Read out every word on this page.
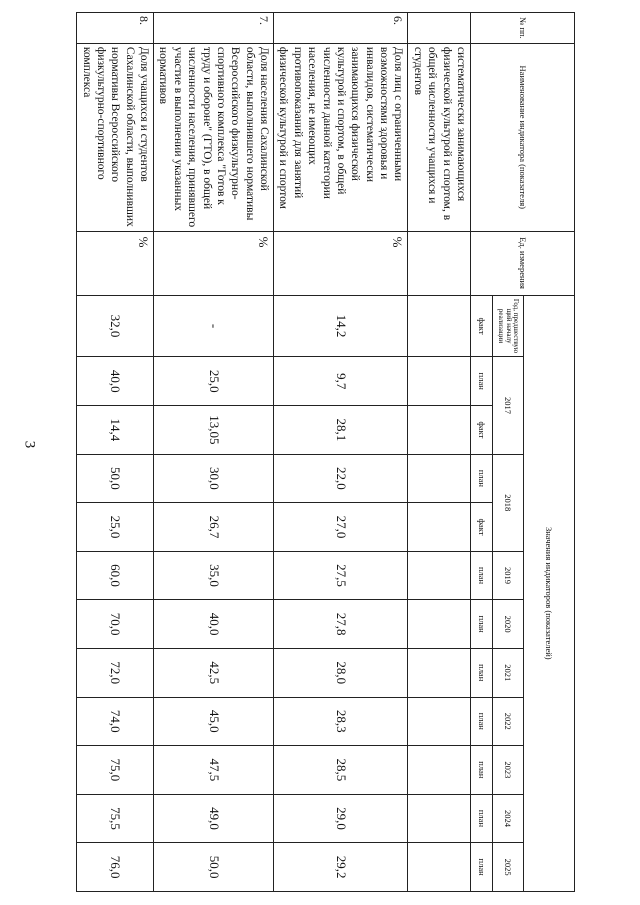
3
№ пп.	Наименование индикатора (показателя)	Ед. измерения	Значения индикаторов (показателей)											
			Год, предшествую щий началу реализации	2017		2018		2019	2020	2021	2022	2023	2024	2025
			факт	план	факт	план	факт	план	план	план	план	план	план	план
	систематически занимающихся физической культурой и спортом, в общей численности учащихся и студентов													
6.	Доля лиц с ограниченными возможностями здоровья и инвалидов, систематически занимающихся физической культурой и спортом, в общей численности данной категории населения, не имеющих противопоказаний для занятий физической культурой и спортом	%	14,2	9,7	28,1	22,0	27,0	27,5	27,8	28,0	28,3	28,5	29,0	29,2
7.	Доля населения Сахалинской области, выполнившего нормативы Всероссийского физкультурно-спортивного комплекса "Готов к труду и обороне" (ГТО), в общей численности населения, принявшего участие в выполнении указанных нормативов	%	-	25,0	13,05	30,0	26,7	35,0	40,0	42,5	45,0	47,5	49,0	50,0
8.	Доля учащихся и студентов Сахалинской области, выполнивших нормативы Всероссийского физкультурно-спортивного комплекса	%	32,0	40,0	14,4	50,0	25,0	60,0	70,0	72,0	74,0	75,0	75,5	76,0
